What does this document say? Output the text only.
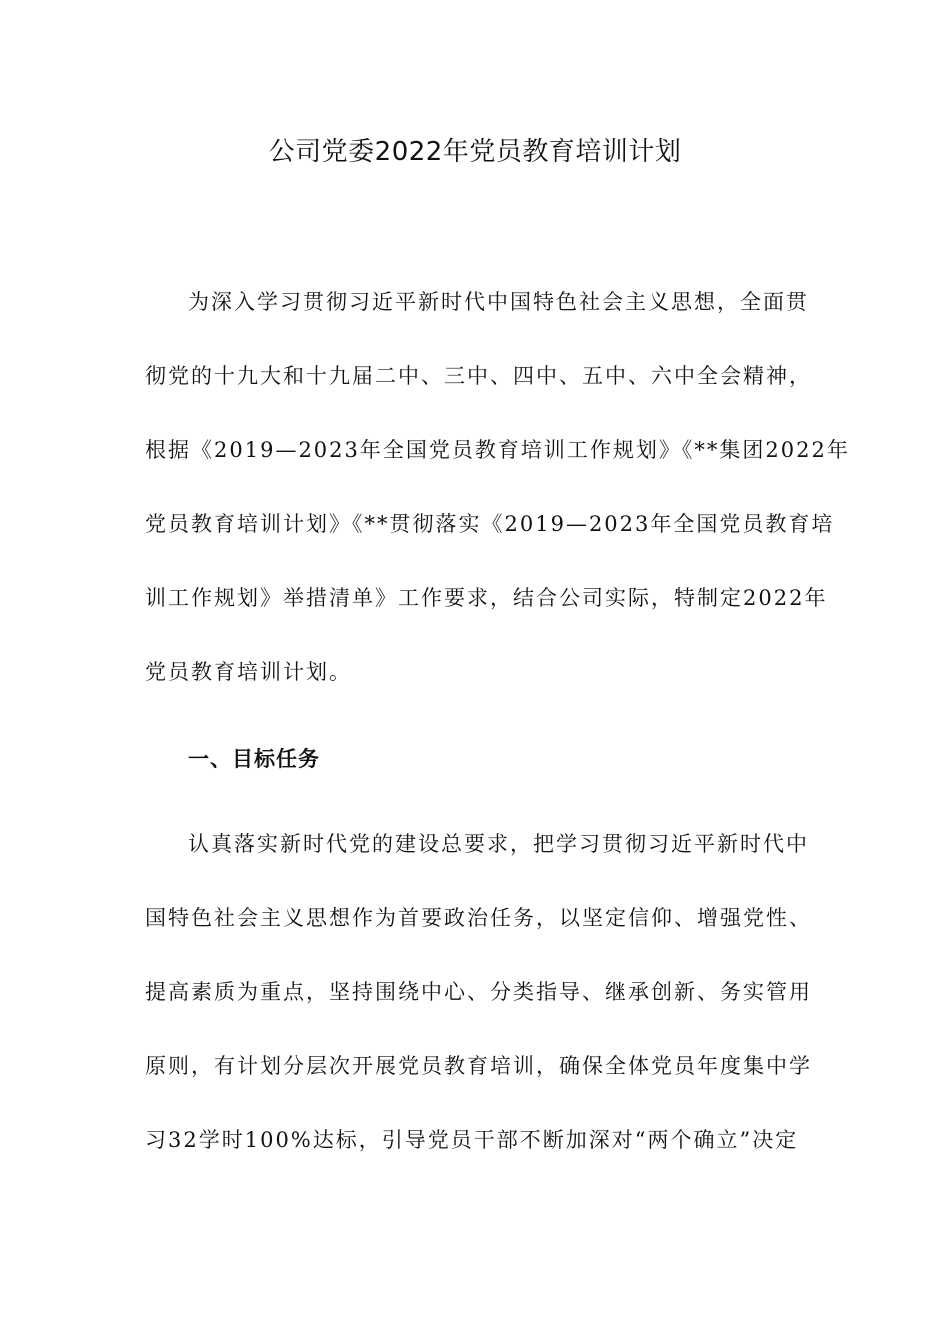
公司党委2022年党员教育培训计划
为深入学习贯彻习近平新时代中国特色社会主义思想，全面贯
彻党的十九大和十九届二中、三中、四中、五中、六中全会精神，
根据《2019—2023年全国党员教育培训工作规划》《**集团2022年
党员教育培训计划》《**贯彻落实《2019—2023年全国党员教育培
训工作规划》举措清单》工作要求，结合公司实际，特制定2022年
党员教育培训计划。
一、目标任务
认真落实新时代党的建设总要求，把学习贯彻习近平新时代中
国特色社会主义思想作为首要政治任务，以坚定信仰、增强党性、
提高素质为重点，坚持围绕中心、分类指导、继承创新、务实管用
原则，有计划分层次开展党员教育培训，确保全体党员年度集中学
习32学时100%达标，引导党员干部不断加深对“两个确立”决定
